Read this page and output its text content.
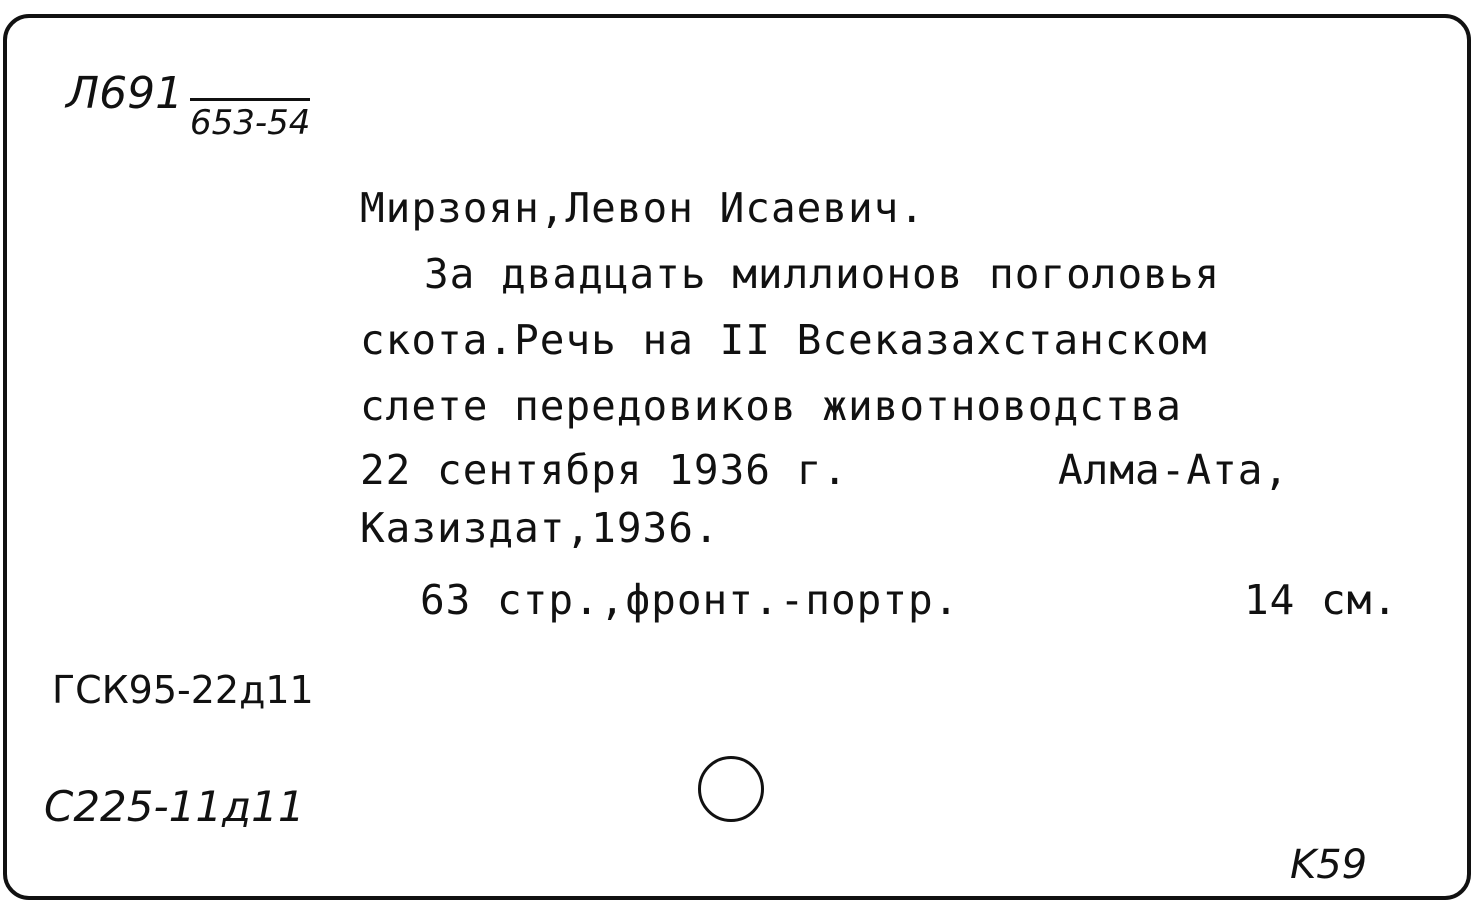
Л691
653-54
Мирзоян,Левон Исаевич.
За двадцать миллионов поголовья
скота.Речь на II Всеказахстанском
слете передовиков животноводства
22 сентября 1936 г.	Алма-Ата,
Казиздат,1936.
63 стр.,фронт.-портр.	14 см.
ГСК95-22д11
C225-11д11
K59
